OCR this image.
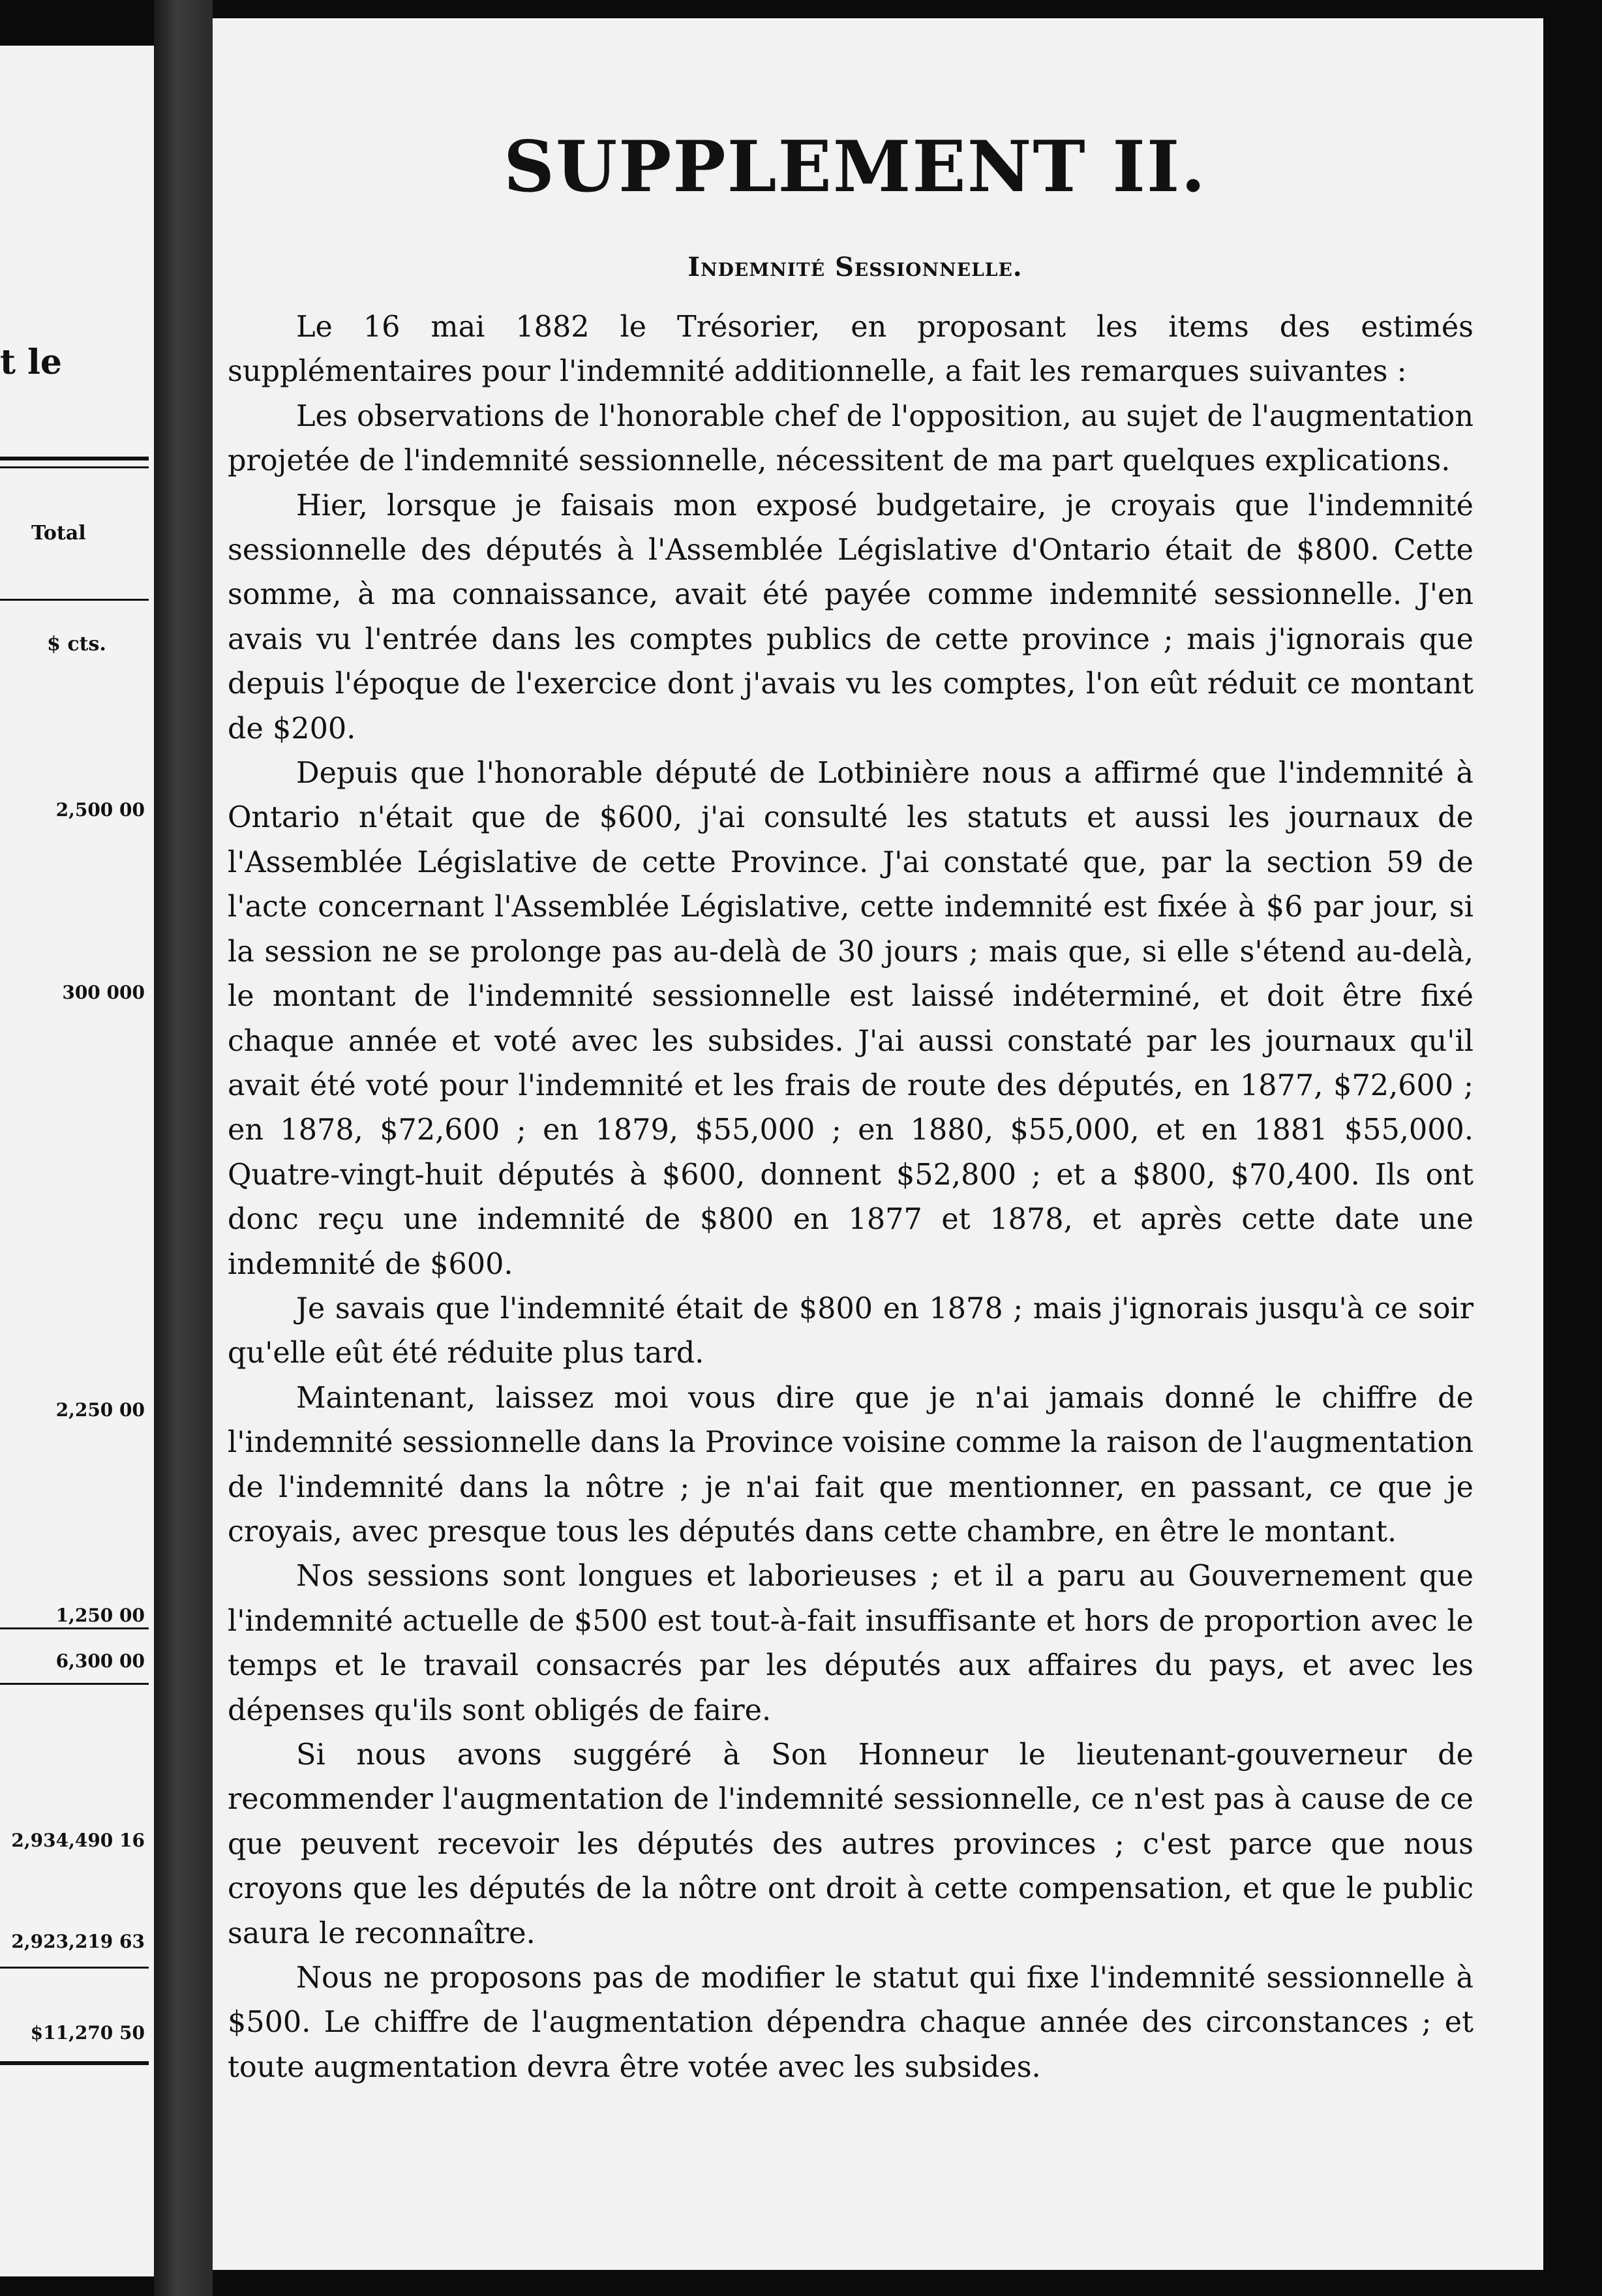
t le
Total
$ cts.
2,500 00
300 000
2,250 00
1,250 00
6,300 00
2,934,490 16
2,923,219 63
$11,270 50
SUPPLEMENT II.
Indemnité Sessionnelle.

Le 16 mai 1882 le Trésorier, en proposant les items des estimés supplémentaires pour l'indemnité additionnelle, a fait les remarques suivantes :

Les observations de l'honorable chef de l'opposition, au sujet de l'augmentation projetée de l'indemnité sessionnelle, nécessitent de ma part quelques explications.

Hier, lorsque je faisais mon exposé budgetaire, je croyais que l'indemnité sessionnelle des députés à l'Assemblée Législative d'Ontario était de $800. Cette somme, à ma connaissance, avait été payée comme indemnité sessionnelle. J'en avais vu l'entrée dans les comptes publics de cette province ; mais j'ignorais que depuis l'époque de l'exercice dont j'avais vu les comptes, l'on eût réduit ce montant de $200.

Depuis que l'honorable député de Lotbinière nous a affirmé que l'indemnité à Ontario n'était que de $600, j'ai consulté les statuts et aussi les journaux de l'Assemblée Législative de cette Province. J'ai constaté que, par la section 59 de l'acte concernant l'Assemblée Législative, cette indemnité est fixée à $6 par jour, si la session ne se prolonge pas au-delà de 30 jours ; mais que, si elle s'étend au-delà, le montant de l'indemnité sessionnelle est laissé indéterminé, et doit être fixé chaque année et voté avec les subsides. J'ai aussi constaté par les journaux qu'il avait été voté pour l'indemnité et les frais de route des députés, en 1877, $72,600 ; en 1878, $72,600 ; en 1879, $55,000 ; en 1880, $55,000, et en 1881 $55,000. Quatre-vingt-huit députés à $600, donnent $52,800 ; et a $800, $70,400. Ils ont donc reçu une indemnité de $800 en 1877 et 1878, et après cette date une indemnité de $600.

Je savais que l'indemnité était de $800 en 1878 ; mais j'ignorais jusqu'à ce soir qu'elle eût été réduite plus tard.

Maintenant, laissez moi vous dire que je n'ai jamais donné le chiffre de l'indemnité sessionnelle dans la Province voisine comme la raison de l'augmentation de l'indemnité dans la nôtre ; je n'ai fait que mentionner, en passant, ce que je croyais, avec presque tous les députés dans cette chambre, en être le montant.

Nos sessions sont longues et laborieuses ; et il a paru au Gouvernement que l'indemnité actuelle de $500 est tout-à-fait insuffisante et hors de proportion avec le temps et le travail consacrés par les députés aux affaires du pays, et avec les dépenses qu'ils sont obligés de faire.

Si nous avons suggéré à Son Honneur le lieutenant-gouverneur de recommender l'augmentation de l'indemnité sessionnelle, ce n'est pas à cause de ce que peuvent recevoir les députés des autres provinces ; c'est parce que nous croyons que les députés de la nôtre ont droit à cette compensation, et que le public saura le reconnaître.

Nous ne proposons pas de modifier le statut qui fixe l'indemnité sessionnelle à $500. Le chiffre de l'augmentation dépendra chaque année des circonstances ; et toute augmentation devra être votée avec les subsides.
